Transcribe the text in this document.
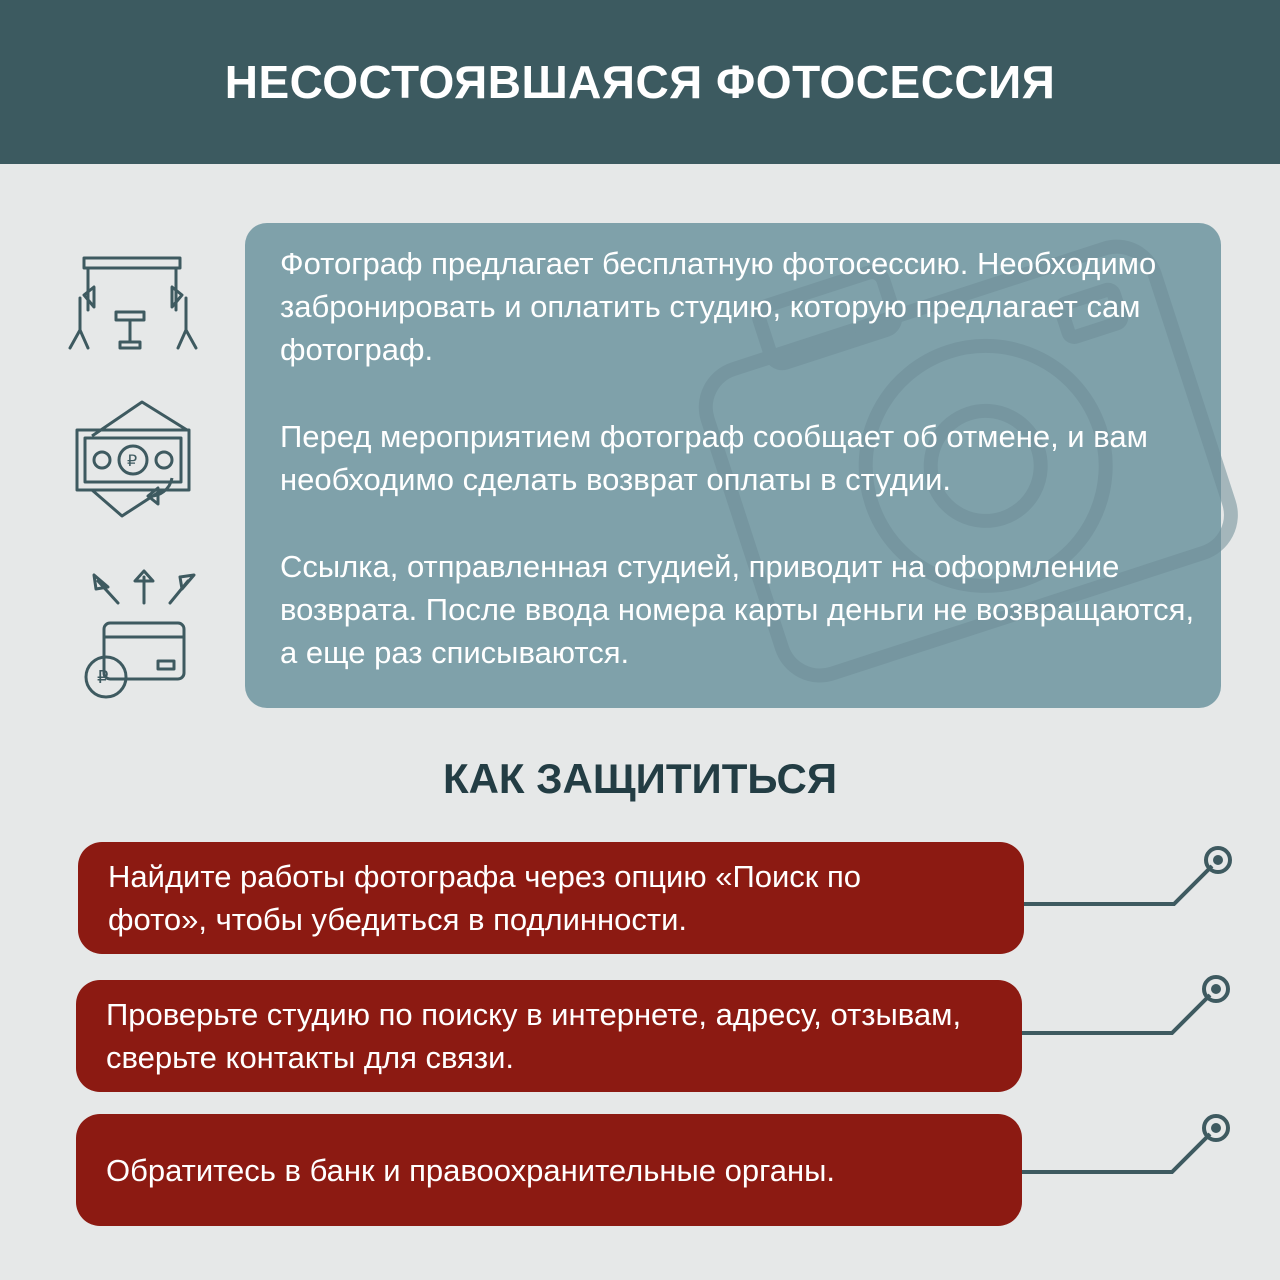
НЕСОСТОЯВШАЯСЯ ФОТОСЕССИЯ

Фотограф предлагает бесплатную фотосессию. Необходимо забронировать и оплатить студию, которую предлагает сам фотограф.

Перед мероприятием фотограф сообщает об отмене, и вам необходимо сделать возврат оплаты в студии.

Ссылка, отправленная студией, приводит на оформление возврата. После ввода номера карты деньги не возвращаются, а еще раз списываются.

₽
₽
КАК ЗАЩИТИТЬСЯ
Найдите работы фотографа через опцию «Поиск по фото», чтобы убедиться в подлинности.
Проверьте студию по поиску в интернете, адресу, отзывам, сверьте контакты для связи.
Обратитесь в банк и правоохранительные органы.
